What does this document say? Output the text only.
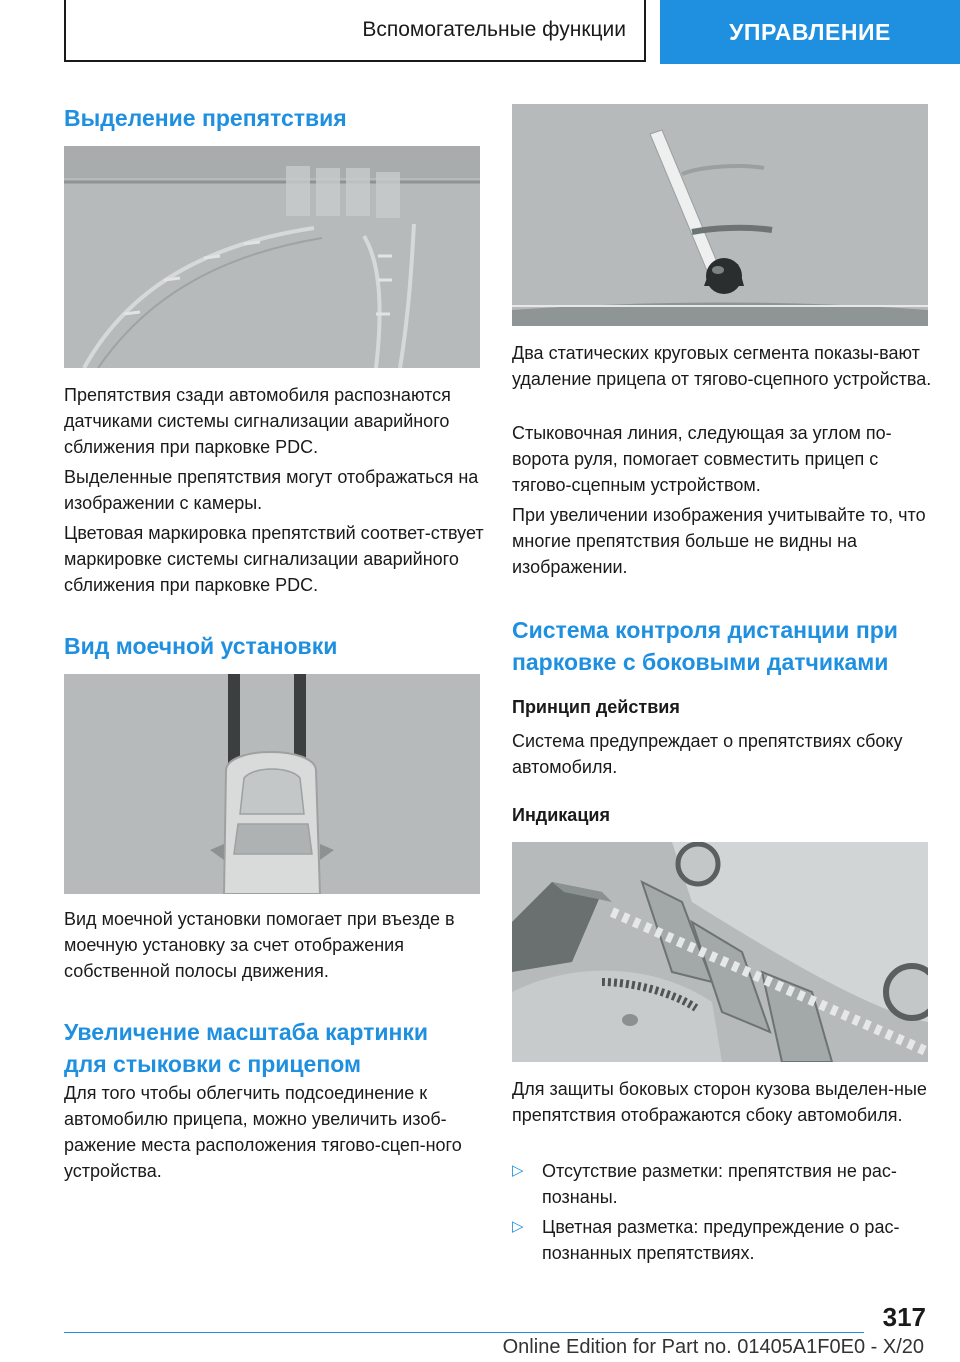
Вспомогательные функции	УПРАВЛЕНИЕ
Выделение препятствия

Препятствия сзади автомобиля распознаются датчиками системы сигнализации аварийного сближения при парковке PDC.

Выделенные препятствия могут отображаться на изображении с камеры.

Цветовая маркировка препятствий соответ-ствует маркировке системы сигнализации аварийного сближения при парковке PDC.

Вид моечной установки

Вид моечной установки помогает при въезде в моечную установку за счет отображения собственной полосы движения.

Увеличение масштаба картинки для стыковки с прицепом

Для того чтобы облегчить подсоединение к автомобилю прицепа, можно увеличить изоб-ражение места расположения тягово-сцеп-ного устройства.

Два статических круговых сегмента показы-вают удаление прицепа от тягово-сцепного устройства.

Стыковочная линия, следующая за углом по-ворота руля, помогает совместить прицеп с тягово-сцепным устройством.

При увеличении изображения учитывайте то, что многие препятствия больше не видны на изображении.

Система контроля дистанции при парковке с боковыми датчиками
Принцип действия

Система предупреждает о препятствиях сбоку автомобиля.

Индикация

Для защиты боковых сторон кузова выделен-ные препятствия отображаются сбоку автомобиля.

▷ Отсутствие разметки: препятствия не рас-познаны.
▷ Цветная разметка: предупреждение о рас-познанных препятствиях.
317
Online Edition for Part no. 01405A1F0E0 - X/20
